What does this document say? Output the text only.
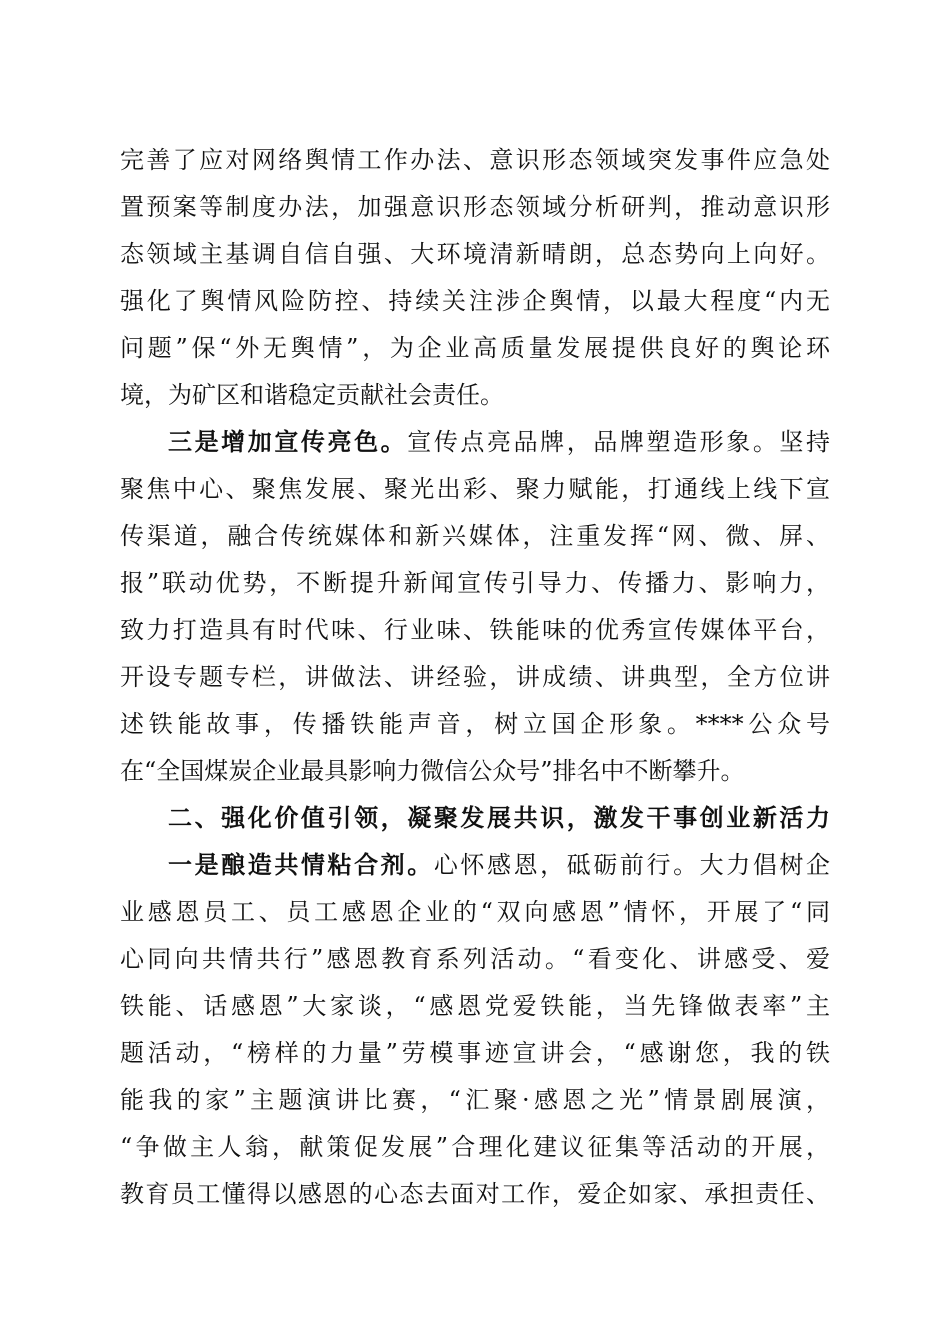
完善了应对网络舆情工作办法、意识形态领域突发事件应急处
置预案等制度办法，加强意识形态领域分析研判，推动意识形
态领域主基调自信自强、大环境清新晴朗，总态势向上向好。
强化了舆情风险防控、持续关注涉企舆情，以最大程度“内无
问题”保“外无舆情”，为企业高质量发展提供良好的舆论环
境，为矿区和谐稳定贡献社会责任。
三是增加宣传亮色。宣传点亮品牌，品牌塑造形象。坚持
聚焦中心、聚焦发展、聚光出彩、聚力赋能，打通线上线下宣
传渠道，融合传统媒体和新兴媒体，注重发挥“网、微、屏、
报”联动优势，不断提升新闻宣传引导力、传播力、影响力，
致力打造具有时代味、行业味、铁能味的优秀宣传媒体平台，
开设专题专栏，讲做法、讲经验，讲成绩、讲典型，全方位讲
述铁能故事，传播铁能声音，树立国企形象。****公众号
在“全国煤炭企业最具影响力微信公众号”排名中不断攀升。
二、强化价值引领，凝聚发展共识，激发干事创业新活力
一是酿造共情粘合剂。心怀感恩，砥砺前行。大力倡树企
业感恩员工、员工感恩企业的“双向感恩”情怀，开展了“同
心同向共情共行”感恩教育系列活动。“看变化、讲感受、爱
铁能、话感恩”大家谈，“感恩党爱铁能，当先锋做表率”主
题活动，“榜样的力量”劳模事迹宣讲会，“感谢您，我的铁
能我的家”主题演讲比赛，“汇聚·感恩之光”情景剧展演，
“争做主人翁，献策促发展”合理化建议征集等活动的开展，
教育员工懂得以感恩的心态去面对工作，爱企如家、承担责任、
